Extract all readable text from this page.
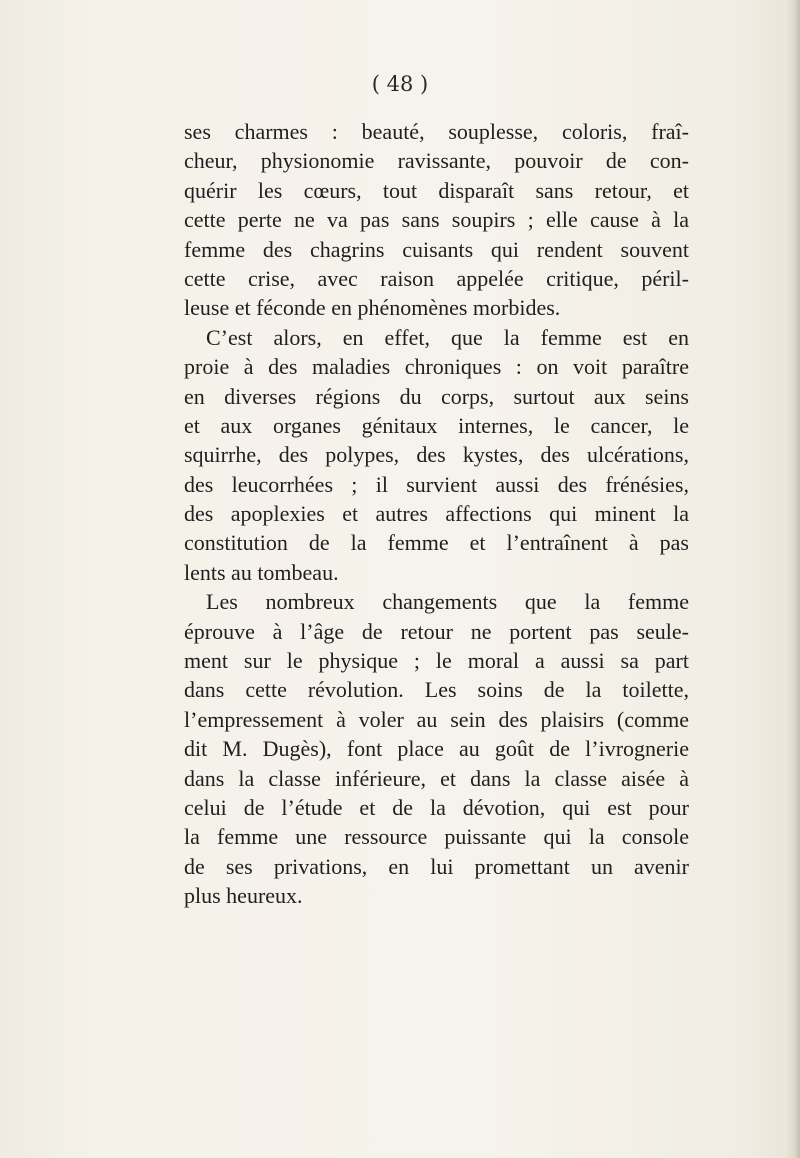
( 48 )

ses charmes : beauté, souplesse, coloris, fraî-
cheur, physionomie ravissante, pouvoir de con-
quérir les cœurs, tout disparaît sans retour, et
cette perte ne va pas sans soupirs ; elle cause à la
femme des chagrins cuisants qui rendent souvent
cette crise, avec raison appelée critique, péril-
leuse et féconde en phénomènes morbides.
C’est alors, en effet, que la femme est en
proie à des maladies chroniques : on voit paraître
en diverses régions du corps, surtout aux seins
et aux organes génitaux internes, le cancer, le
squirrhe, des polypes, des kystes, des ulcérations,
des leucorrhées ; il survient aussi des frénésies,
des apoplexies et autres affections qui minent la
constitution de la femme et l’entraînent à pas
lents au tombeau.
Les nombreux changements que la femme
éprouve à l’âge de retour ne portent pas seule-
ment sur le physique ; le moral a aussi sa part
dans cette révolution. Les soins de la toilette,
l’empressement à voler au sein des plaisirs (comme
dit M. Dugès), font place au goût de l’ivrognerie
dans la classe inférieure, et dans la classe aisée à
celui de l’étude et de la dévotion, qui est pour
la femme une ressource puissante qui la console
de ses privations, en lui promettant un avenir
plus heureux.
